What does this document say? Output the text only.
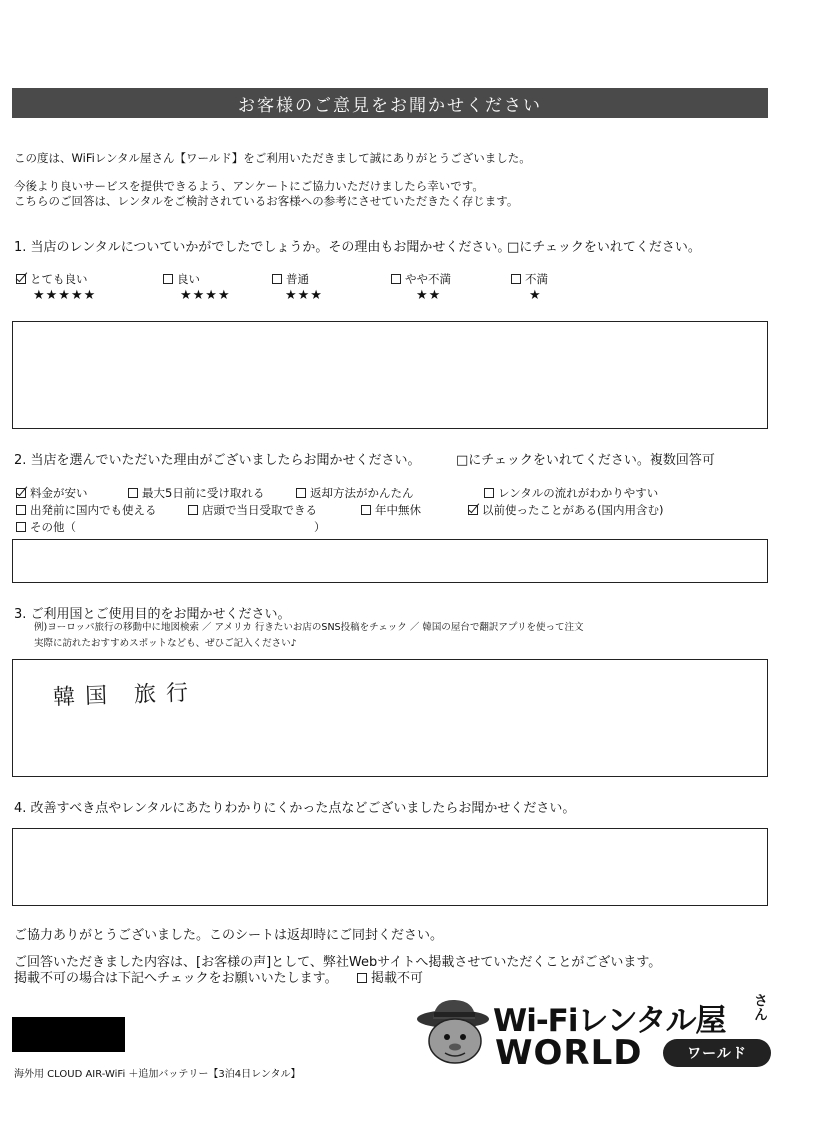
お客様のご意見をお聞かせください
この度は、WiFiレンタル屋さん【ワールド】をご利用いただきまして誠にありがとうございました。
今後より良いサービスを提供できるよう、アンケートにご協力いただけましたら幸いです。
こちらのご回答は、レンタルをご検討されているお客様への参考にさせていただきたく存じます。
1. 当店のレンタルについていかがでしたでしょうか。その理由もお聞かせください。
□にチェックをいれてください。
とても良い
★★★★★
良い
★★★★
普通
★★★
やや不満
★★
不満
★
2. 当店を選んでいただいた理由がございましたらお聞かせください。	□にチェックをいれてください。複数回答可
料金が安い	最大5日前に受け取れる	返却方法がかんたん	レンタルの流れがわかりやすい
出発前に国内でも使える	店頭で当日受取できる	年中無休	以前使ったことがある(国内用含む)
その他（	）
3. ご利用国とご使用目的をお聞かせください。
例)ヨーロッパ旅行の移動中に地図検索 ／ アメリカ 行きたいお店のSNS投稿をチェック ／ 韓国の屋台で翻訳アプリを使って注文
実際に訪れたおすすめスポットなども、ぜひご記入ください♪
韓国 旅行
4. 改善すべき点やレンタルにあたりわかりにくかった点などございましたらお聞かせください。
ご協力ありがとうございました。このシートは返却時にご同封ください。
ご回答いただきました内容は、[お客様の声]として、弊社Webサイトへ掲載させていただくことがございます。
掲載不可の場合は下記へチェックをお願いいたします。	掲載不可
海外用 CLOUD AIR-WiFi ＋追加バッテリー【3泊4日レンタル】
Wi-Fiレンタル屋 さん
WORLD	ワールド
